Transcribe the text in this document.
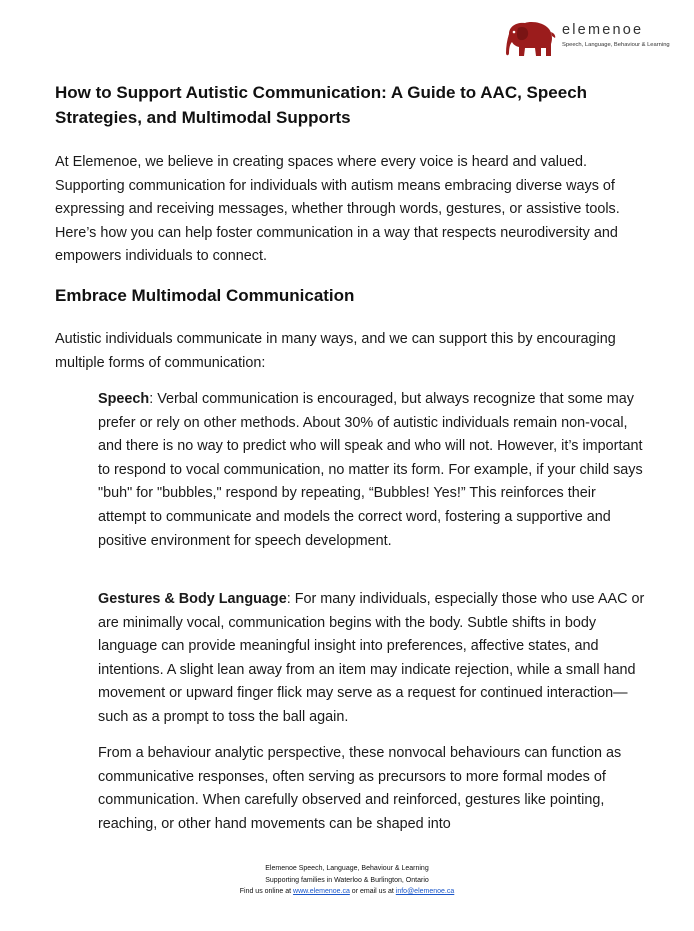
elemenoe
Speech, Language, Behaviour & Learning
How to Support Autistic Communication: A Guide to AAC, Speech Strategies, and Multimodal Supports

At Elemenoe, we believe in creating spaces where every voice is heard and valued. Supporting communication for individuals with autism means embracing diverse ways of expressing and receiving messages, whether through words, gestures, or assistive tools. Here’s how you can help foster communication in a way that respects neurodiversity and empowers individuals to connect.

Embrace Multimodal Communication

Autistic individuals communicate in many ways, and we can support this by encouraging multiple forms of communication:

Speech: Verbal communication is encouraged, but always recognize that some may prefer or rely on other methods. About 30% of autistic individuals remain non-vocal, and there is no way to predict who will speak and who will not. However, it’s important to respond to vocal communication, no matter its form. For example, if your child says "buh" for "bubbles," respond by repeating, “Bubbles! Yes!” This reinforces their attempt to communicate and models the correct word, fostering a supportive and positive environment for speech development.

Gestures & Body Language: For many individuals, especially those who use AAC or are minimally vocal, communication begins with the body. Subtle shifts in body language can provide meaningful insight into preferences, affective states, and intentions. A slight lean away from an item may indicate rejection, while a small hand movement or upward finger flick may serve as a request for continued interaction—such as a prompt to toss the ball again.

From a behaviour analytic perspective, these nonvocal behaviours can function as communicative responses, often serving as precursors to more formal modes of communication. When carefully observed and reinforced, gestures like pointing, reaching, or other hand movements can be shaped into

Elemenoe Speech, Language, Behaviour & Learning
Supporting families in Waterloo & Burlington, Ontario
Find us online at www.elemenoe.ca or email us at info@elemenoe.ca
